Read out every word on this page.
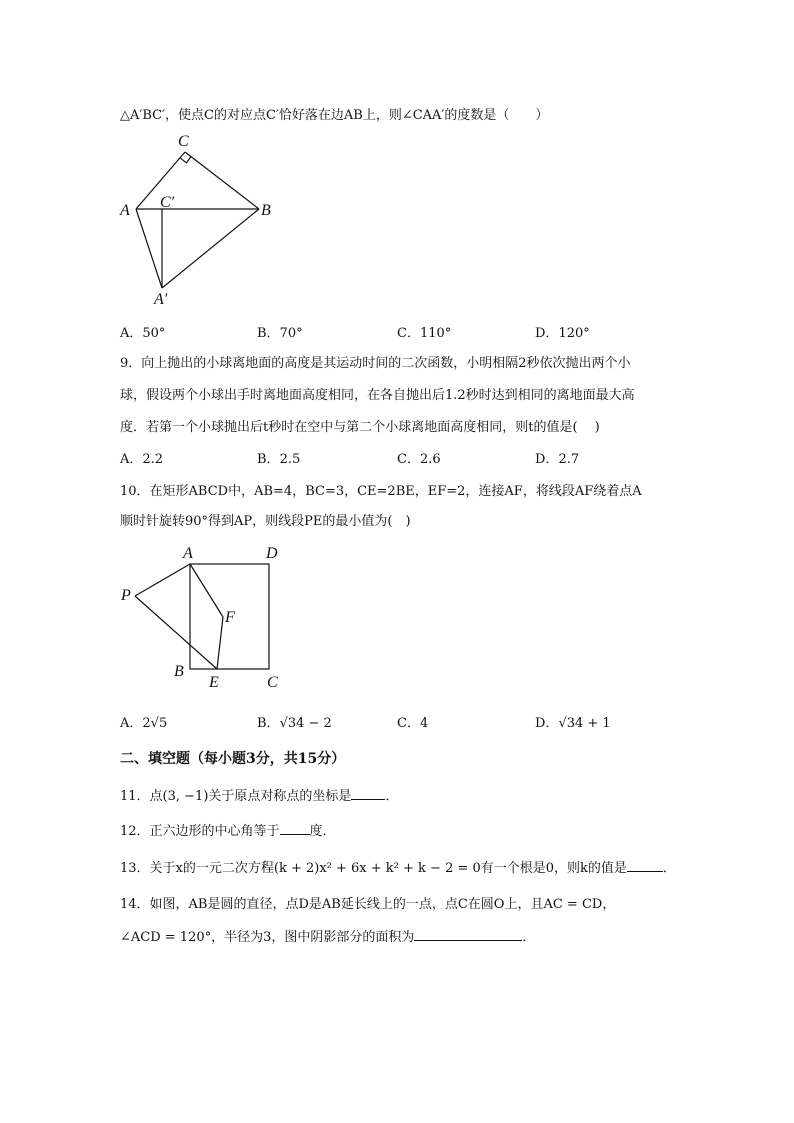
△A′BC′，使点C的对应点C′恰好落在边AB上，则∠CAA′的度数是（　　）
C
C′
A	B
A′
A．50°	B．70°	C．110°	D．120°
9．向上抛出的小球离地面的高度是其运动时间的二次函数，小明相隔2秒依次抛出两个小
球，假设两个小球出手时离地面高度相同，在各自抛出后1.2秒时达到相同的离地面最大高
度．若第一个小球抛出后t秒时在空中与第二个小球离地面高度相同，则t的值是(　 )
A．2.2	B．2.5	C．2.6	D．2.7
10．在矩形ABCD中，AB=4，BC=3，CE=2BE，EF=2，连接AF，将线段AF绕着点A
顺时针旋转90°得到AP，则线段PE的最小值为(　)
A	D
P
F
B
E	C
A．2√5	B．√34 − 2	C．4	D．√34 + 1
二、填空题（每小题3分，共15分）
11．点(3, −1)关于原点对称点的坐标是	．
12．正六边形的中心角等于 度．
13．关于x的一元二次方程(k + 2)x² + 6x + k² + k − 2 = 0有一个根是0，则k的值是	．
14．如图，AB是圆的直径，点D是AB延长线上的一点，点C在圆O上，且AC = CD，
∠ACD = 120°，半径为3，图中阴影部分的面积为	．
